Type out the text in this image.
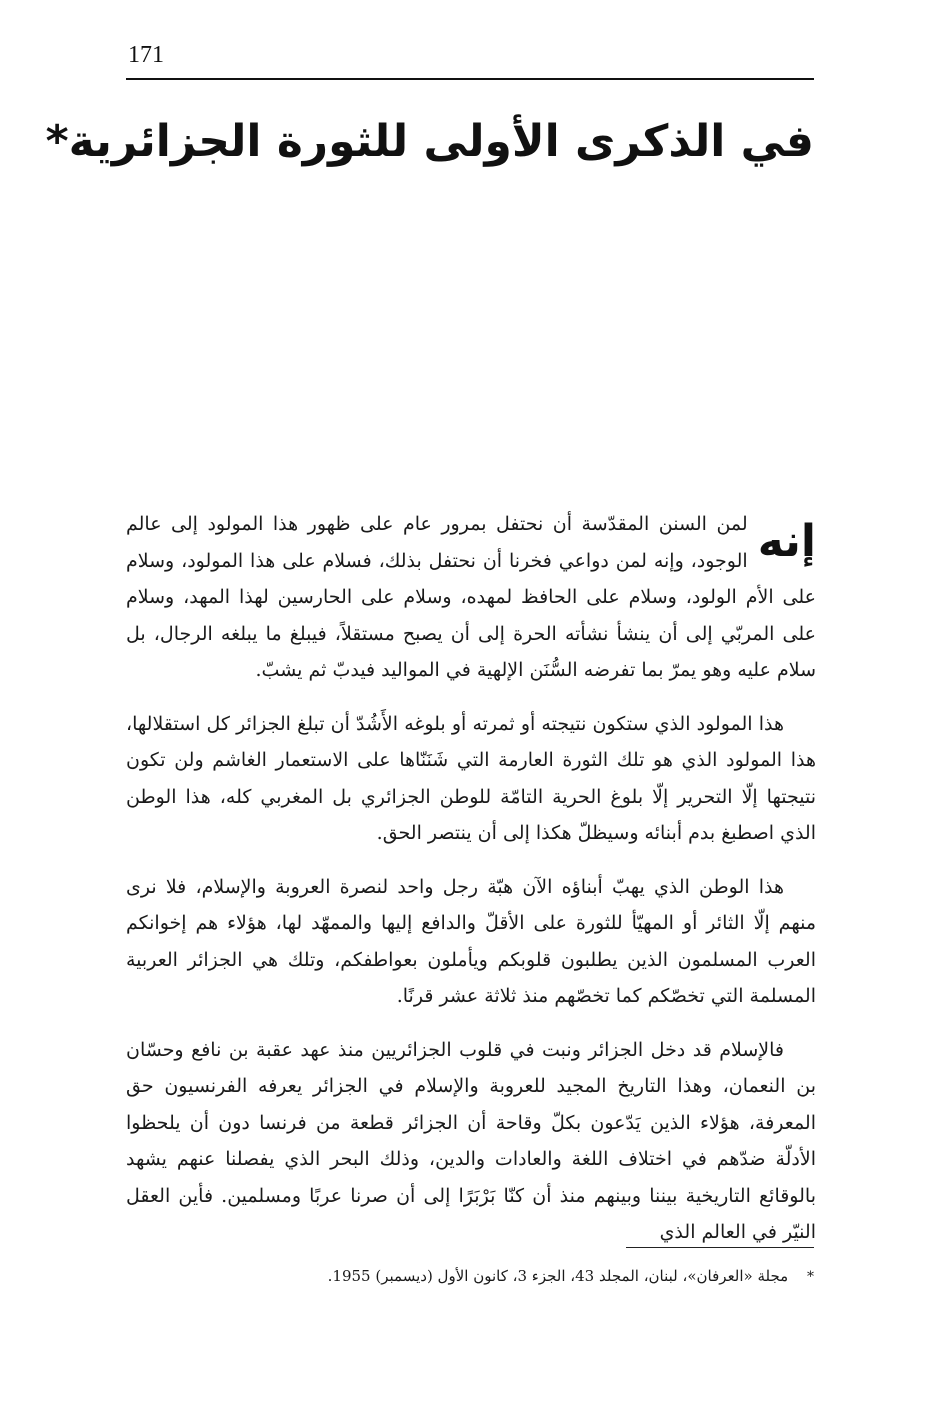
171
في الذكرى الأولى للثورة الجزائرية*

إنه
لمن السنن المقدّسة أن نحتفل بمرور عام على ظهور هذا المولود إلى عالم الوجود، وإنه لمن دواعي فخرنا أن نحتفل بذلك، فسلام على هذا المولود، وسلام على الأم الولود، وسلام على الحافظ لمهده، وسلام على الحارسين لهذا المهد، وسلام على المربّي إلى أن ينشأ نشأته الحرة إلى أن يصبح مستقلاً، فيبلغ ما يبلغه الرجال، بل سلام عليه وهو يمرّ بما تفرضه السُّنَن الإلهية في المواليد فيدبّ ثم يشبّ.

هذا المولود الذي ستكون نتيجته أو ثمرته أو بلوغه الأَشُدّ أن تبلغ الجزائر كل استقلالها، هذا المولود الذي هو تلك الثورة العارمة التي شَنَنّاها على الاستعمار الغاشم ولن تكون نتيجتها إلّا التحرير إلّا بلوغ الحرية التامّة للوطن الجزائري بل المغربي كله، هذا الوطن الذي اصطبغ بدم أبنائه وسيظلّ هكذا إلى أن ينتصر الحق.

هذا الوطن الذي يهبّ أبناؤه الآن هبّة رجل واحد لنصرة العروبة والإسلام، فلا نرى منهم إلّا الثائر أو المهيّأ للثورة على الأقلّ والدافع إليها والممهّد لها، هؤلاء هم إخوانكم العرب المسلمون الذين يطلبون قلوبكم ويأملون بعواطفكم، وتلك هي الجزائر العربية المسلمة التي تخصّكم كما تخصّهم منذ ثلاثة عشر قرنًا.

فالإسلام قد دخل الجزائر ونبت في قلوب الجزائريين منذ عهد عقبة بن نافع وحسّان بن النعمان، وهذا التاريخ المجيد للعروبة والإسلام في الجزائر يعرفه الفرنسيون حق المعرفة، هؤلاء الذين يَدّعون بكلّ وقاحة أن الجزائر قطعة من فرنسا دون أن يلحظوا الأدلّة ضدّهم في اختلاف اللغة والعادات والدين، وذلك البحر الذي يفصلنا عنهم يشهد بالوقائع التاريخية بيننا وبينهم منذ أن كنّا بَرْبَرًا إلى أن صرنا عربًا ومسلمين. فأين العقل النيّر في العالم الذي

* مجلة «العرفان»، لبنان، المجلد 43، الجزء 3، كانون الأول (ديسمبر) 1955.
